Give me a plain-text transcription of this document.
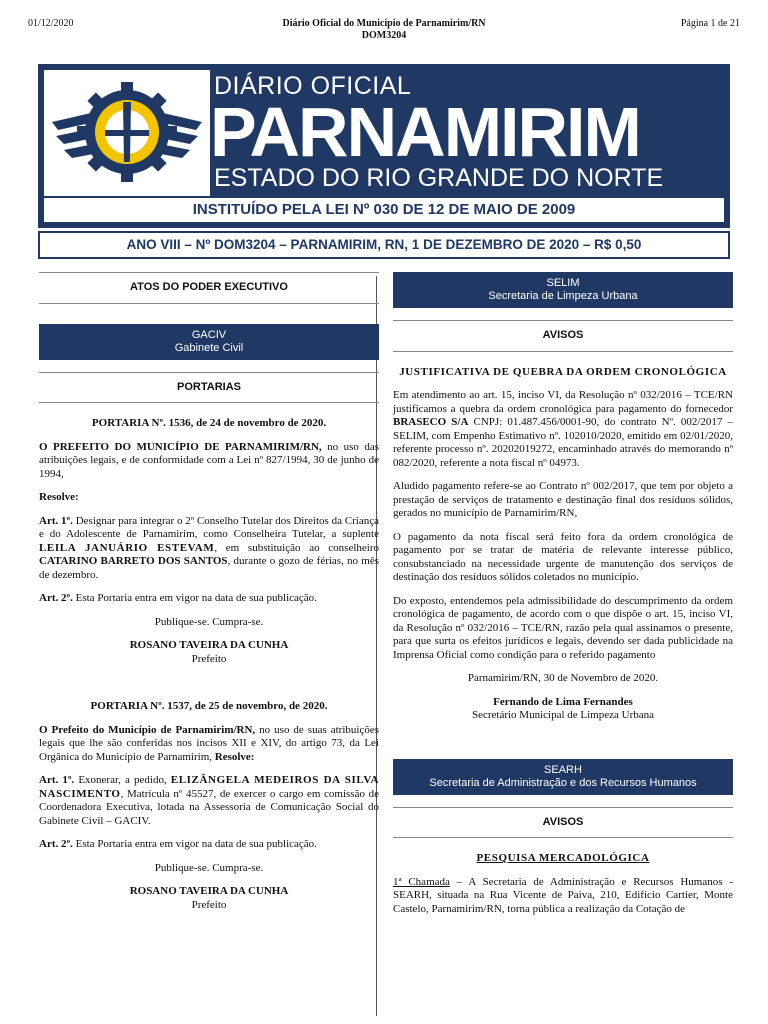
01/12/2020	Diário Oficial do Município de Parnamirim/RN
DOM3204
Página 1 de 21
DIÁRIO OFICIAL
PARNAMIRIM
ESTADO DO RIO GRANDE DO NORTE
INSTITUÍDO PELA LEI Nº 030 DE 12 DE MAIO DE 2009
ANO VIII – Nº DOM3204 – PARNAMIRIM, RN, 1 DE DEZEMBRO DE 2020 – R$ 0,50
ATOS DO PODER EXECUTIVO
GACIV
Gabinete Civil
PORTARIAS

PORTARIA Nº. 1536, de 24 de novembro de 2020.

O PREFEITO DO MUNICÍPIO DE PARNAMIRIM/RN, no uso das atribuições legais, e de conformidade com a Lei nº 827/1994, 30 de junho de 1994,

Resolve:

Art. 1º. Designar para integrar o 2º Conselho Tutelar dos Direitos da Criança e do Adolescente de Parnamirim, como Conselheira Tutelar, a suplente LEILA JANUÁRIO ESTEVAM, em substituição ao conselheiro CATARINO BARRETO DOS SANTOS, durante o gozo de férias, no mês de dezembro.

Art. 2º. Esta Portaria entra em vigor na data de sua publicação.

Publique-se. Cumpra-se.

ROSANO TAVEIRA DA CUNHA
Prefeito

PORTARIA Nº. 1537, de 25 de novembro, de 2020.

O Prefeito do Município de Parnamirim/RN, no uso de suas atribuições legais que lhe são conferidas nos incisos XII e XIV, do artigo 73, da Lei Orgânica do Município de Parnamirim, Resolve:

Art. 1º. Exonerar, a pedido, ELIZÂNGELA MEDEIROS DA SILVA NASCIMENTO, Matrícula nº 45527, de exercer o cargo em comissão de Coordenadora Executiva, lotada na Assessoria de Comunicação Social do Gabinete Civil – GACIV.

Art. 2º. Esta Portaria entra em vigor na data de sua publicação.

Publique-se. Cumpra-se.

ROSANO TAVEIRA DA CUNHA
Prefeito
SELIM
Secretaria de Limpeza Urbana
AVISOS

JUSTIFICATIVA DE QUEBRA DA ORDEM CRONOLÓGICA

Em atendimento ao art. 15, inciso VI, da Resolução nº 032/2016 – TCE/RN justificamos a quebra da ordem cronológica para pagamento do fornecedor BRASECO S/A CNPJ: 01.487.456/0001-90, do contrato Nº. 002/2017 – SELIM, com Empenho Estimativo nº. 102010/2020, emitido em 02/01/2020, referente processo nº. 20202019272, encaminhado através do memorando nº 082/2020, referente a nota fiscal nº 04973.

Aludido pagamento refere-se ao Contrato nº 002/2017, que tem por objeto a prestação de serviços de tratamento e destinação final dos resíduos sólidos, gerados no município de Parnamirim/RN,

O pagamento da nota fiscal será feito fora da ordem cronológica de pagamento por se tratar de matéria de relevante interesse público, consubstanciado na necessidade urgente de manutenção dos serviços de destinação dos resíduos sólidos coletados no município.

Do exposto, entendemos pela admissibilidade do descumprimento da ordem cronológica de pagamento, de acordo com o que dispõe o art. 15, inciso VI, da Resolução nº 032/2016 – TCE/RN, razão pela qual assinamos o presente, para que surta os efeitos jurídicos e legais, devendo ser dada publicidade na Imprensa Oficial como condição para o referido pagamento

Parnamirim/RN, 30 de Novembro de 2020.

Fernando de Lima Fernandes
Secretário Municipal de Limpeza Urbana
SEARH
Secretaria de Administração e dos Recursos Humanos
AVISOS

PESQUISA MERCADOLÓGICA

1ª Chamada – A Secretaria de Administração e Recursos Humanos - SEARH, situada na Rua Vicente de Paiva, 210, Edifício Cartier, Monte Castelo, Parnamirim/RN, torna pública a realização da Cotação de
